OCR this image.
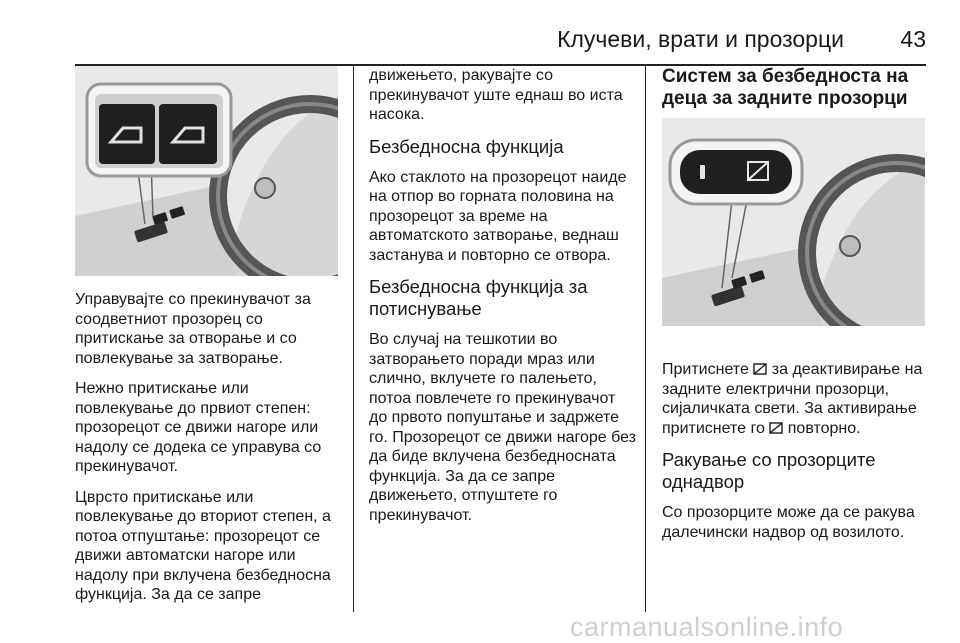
Клучеви, врати и прозорци 43

Управувајте со прекинувачот за соодветниот прозорец со притискање за отворање и со повлекување за затворање.

Нежно притискање или повлекување до првиот степен: прозорецот се движи нагоре или надолу се додека се управува со прекинувачот.

Цврсто притискање или повлекување до вториот степен, а потоа отпуштање: прозорецот се движи автоматски нагоре или надолу при вклучена безбедносна функција. За да се запре

движењето, ракувајте со прекинувачот уште еднаш во иста насока.

Безбедносна функција

Ако стаклото на прозорецот наиде на отпор во горната половина на прозорецот за време на автоматското затворање, веднаш застанува и повторно се отвора.

Безбедносна функција за потиснување

Во случај на тешкотии во затворањето поради мраз или слично, вклучете го палењето, потоа повлечете го прекинувачот до првото попуштање и задржете го. Прозорецот се движи нагоре без да биде вклучена безбедносната функција. За да се запре движењето, отпуштете го прекинувачот.

Систем за безбедноста на деца за задните прозорци

Притиснете за деактивирање на задните електрични прозорци, сијаличката свети. За активирање притиснете го повторно.

Ракување со прозорците однадвор

Со прозорците може да се ракува далечински надвор од возилото.

carmanualsonline.info
